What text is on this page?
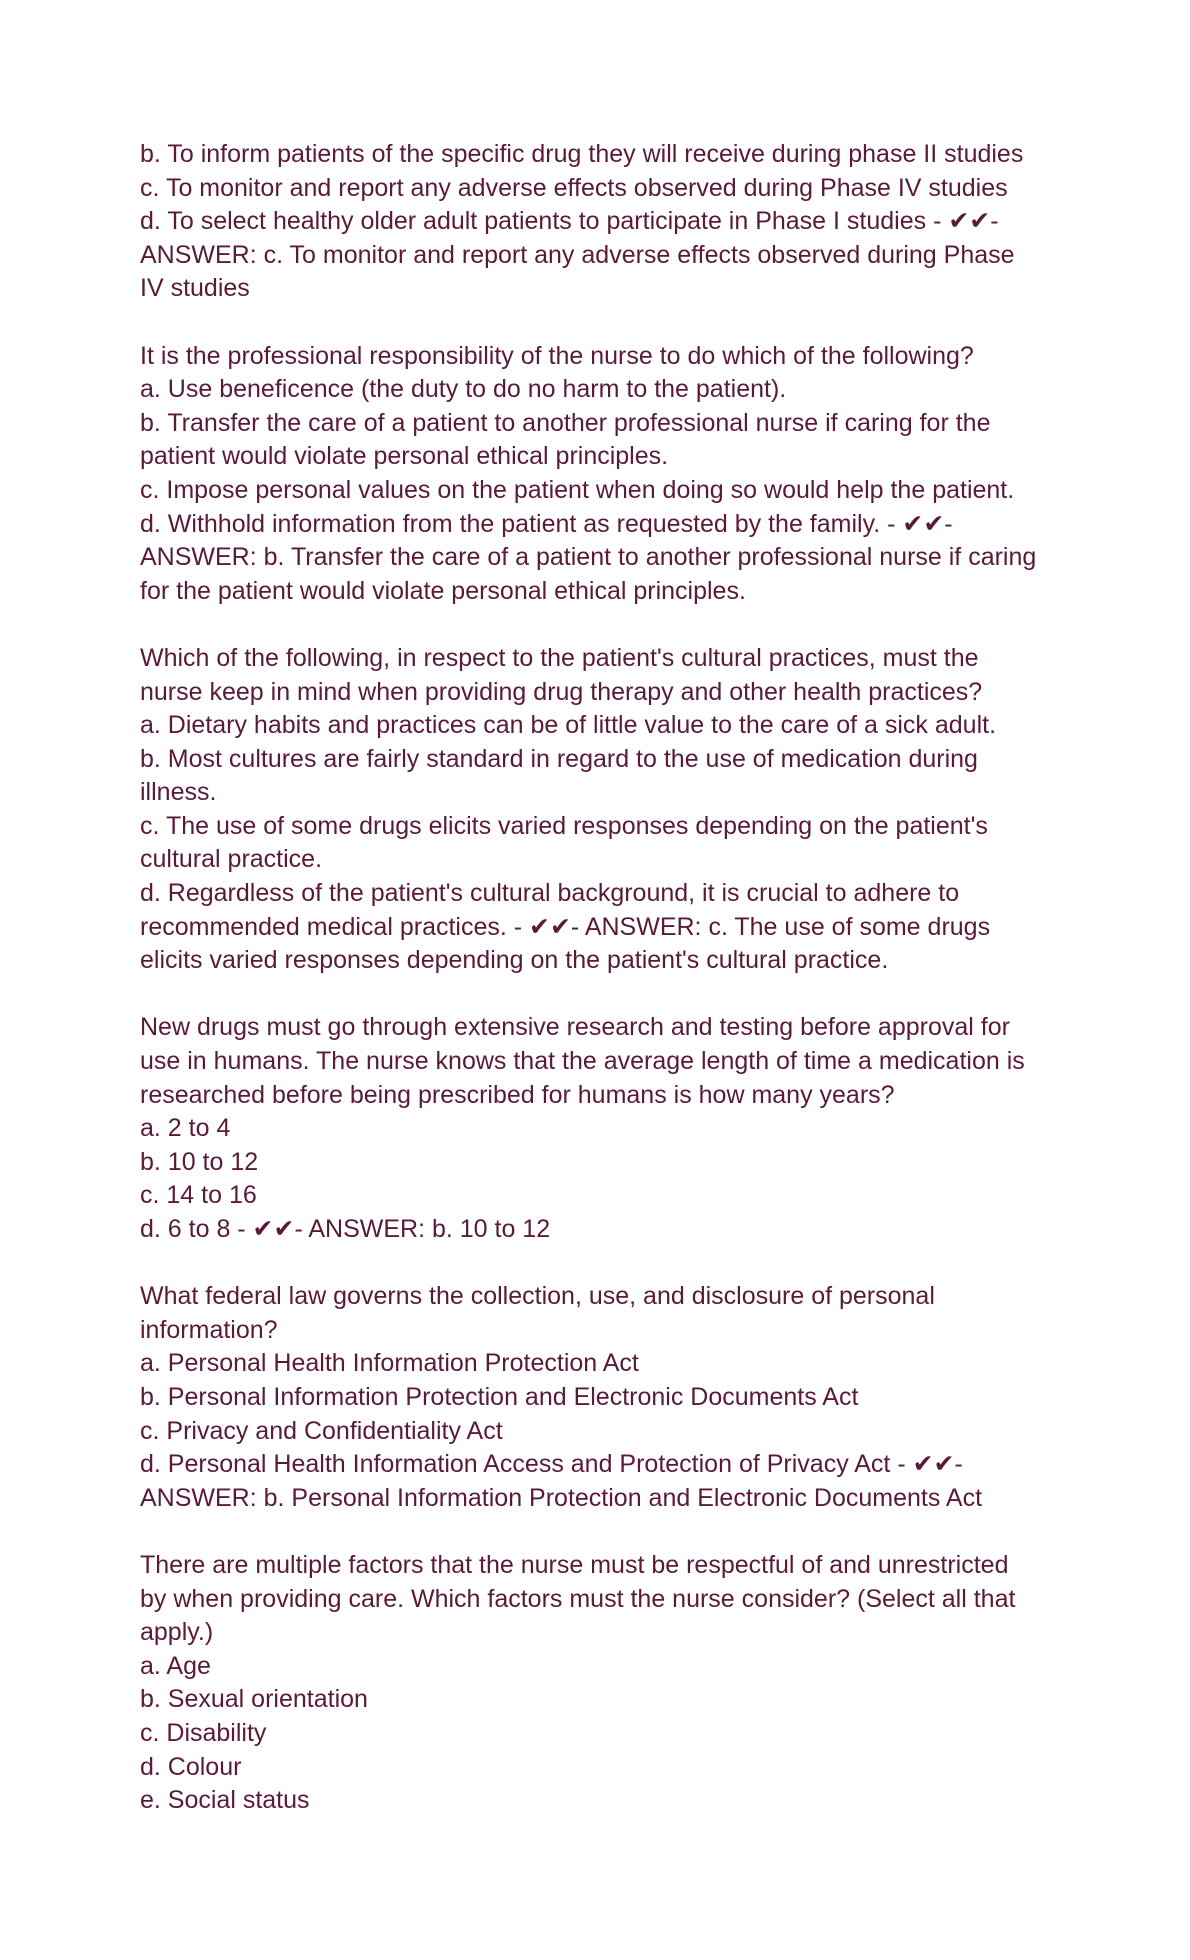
b. To inform patients of the specific drug they will receive during phase II studies
c. To monitor and report any adverse effects observed during Phase IV studies
d. To select healthy older adult patients to participate in Phase I studies - ✔✔-
ANSWER: c. To monitor and report any adverse effects observed during Phase
IV studies
It is the professional responsibility of the nurse to do which of the following?
a. Use beneficence (the duty to do no harm to the patient).
b. Transfer the care of a patient to another professional nurse if caring for the
patient would violate personal ethical principles.
c. Impose personal values on the patient when doing so would help the patient.
d. Withhold information from the patient as requested by the family. - ✔✔-
ANSWER: b. Transfer the care of a patient to another professional nurse if caring
for the patient would violate personal ethical principles.
Which of the following, in respect to the patient's cultural practices, must the
nurse keep in mind when providing drug therapy and other health practices?
a. Dietary habits and practices can be of little value to the care of a sick adult.
b. Most cultures are fairly standard in regard to the use of medication during
illness.
c. The use of some drugs elicits varied responses depending on the patient's
cultural practice.
d. Regardless of the patient's cultural background, it is crucial to adhere to
recommended medical practices. - ✔✔- ANSWER: c. The use of some drugs
elicits varied responses depending on the patient's cultural practice.
New drugs must go through extensive research and testing before approval for
use in humans. The nurse knows that the average length of time a medication is
researched before being prescribed for humans is how many years?
a. 2 to 4
b. 10 to 12
c. 14 to 16
d. 6 to 8 - ✔✔- ANSWER: b. 10 to 12
What federal law governs the collection, use, and disclosure of personal
information?
a. Personal Health Information Protection Act
b. Personal Information Protection and Electronic Documents Act
c. Privacy and Confidentiality Act
d. Personal Health Information Access and Protection of Privacy Act - ✔✔-
ANSWER: b. Personal Information Protection and Electronic Documents Act
There are multiple factors that the nurse must be respectful of and unrestricted
by when providing care. Which factors must the nurse consider? (Select all that
apply.)
a. Age
b. Sexual orientation
c. Disability
d. Colour
e. Social status
